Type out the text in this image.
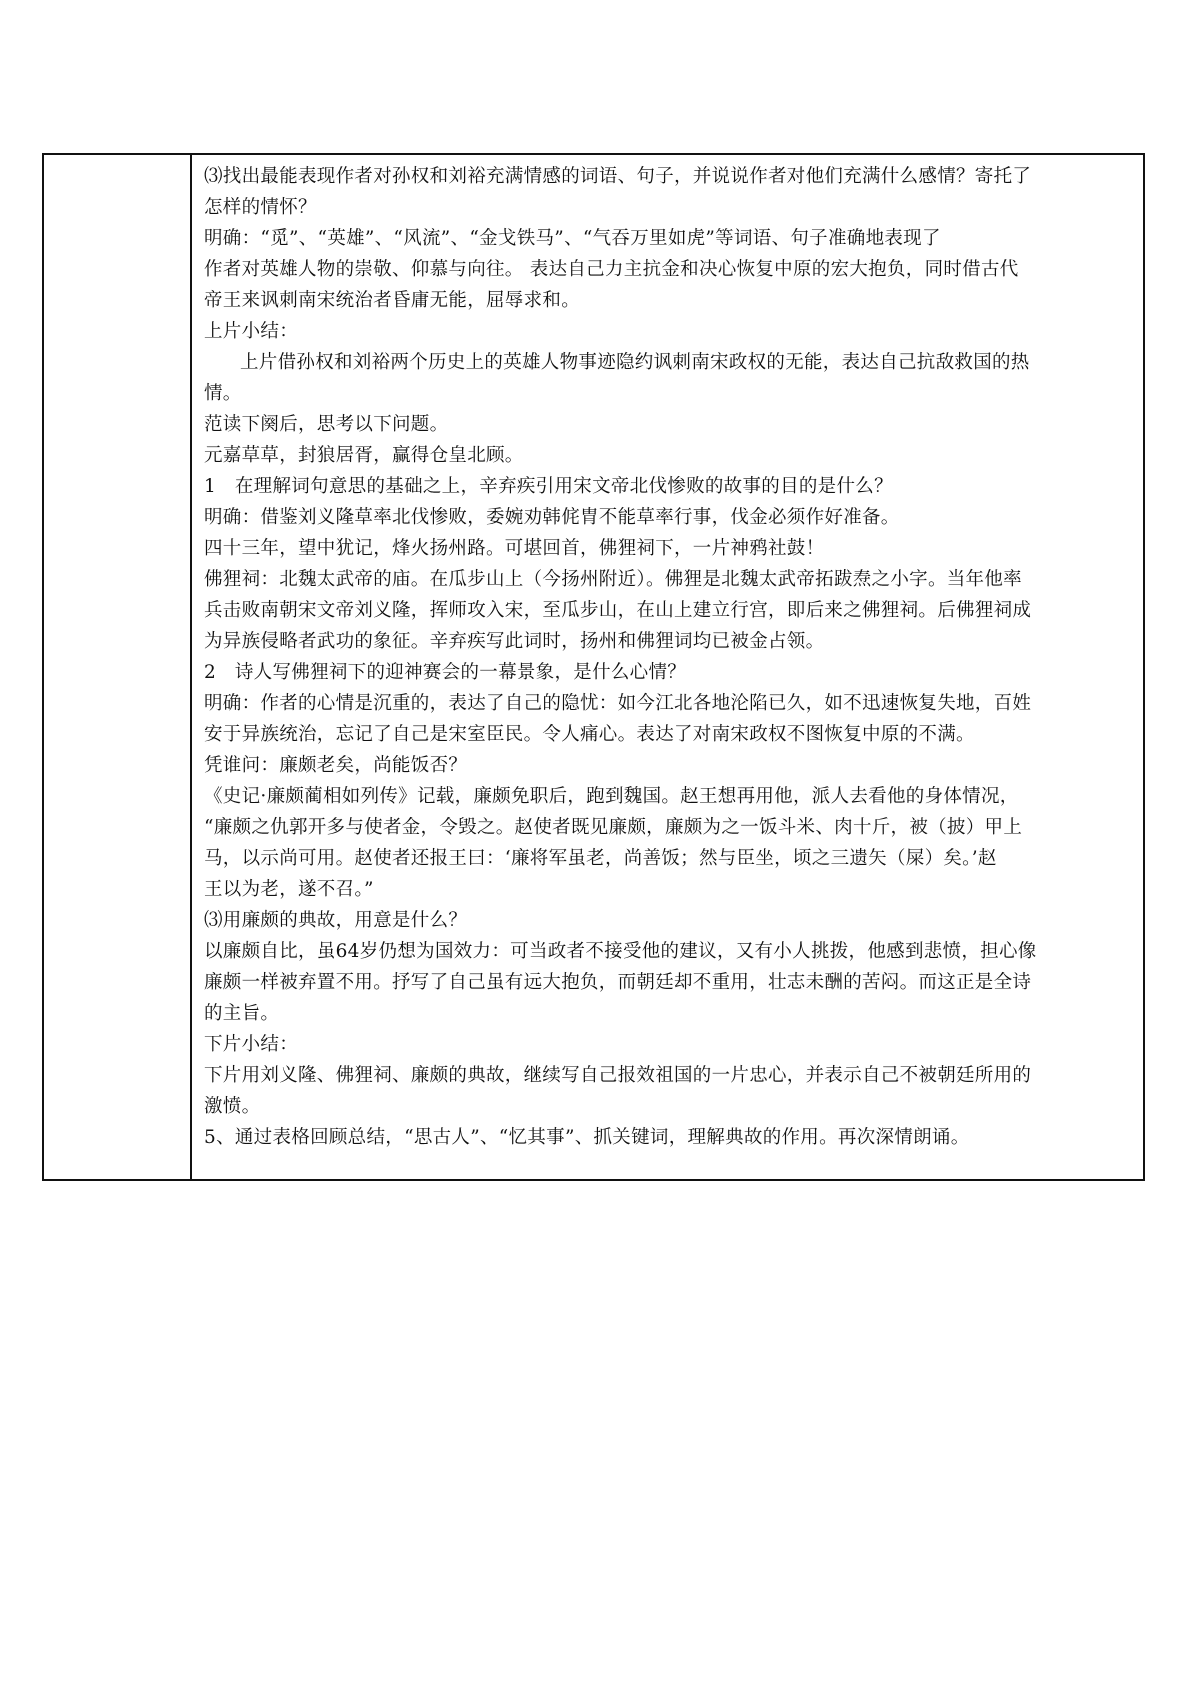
⑶找出最能表现作者对孙权和刘裕充满情感的词语、句子，并说说作者对他们充满什么感情？寄托了
怎样的情怀？
明确：“觅”、“英雄”、“风流”、“金戈铁马”、“气吞万里如虎”等词语、句子准确地表现了
作者对英雄人物的崇敬、仰慕与向往。 表达自己力主抗金和决心恢复中原的宏大抱负，同时借古代
帝王来讽刺南宋统治者昏庸无能，屈辱求和。
上片小结：
上片借孙权和刘裕两个历史上的英雄人物事迹隐约讽刺南宋政权的无能，表达自己抗敌救国的热
情。
范读下阕后，思考以下问题。
元嘉草草，封狼居胥，赢得仓皇北顾。
1　在理解词句意思的基础之上，辛弃疾引用宋文帝北伐惨败的故事的目的是什么？
明确：借鉴刘义隆草率北伐惨败，委婉劝韩侂胄不能草率行事，伐金必须作好准备。
四十三年，望中犹记，烽火扬州路。可堪回首，佛狸祠下，一片神鸦社鼓！
佛狸祠：北魏太武帝的庙。在瓜步山上（今扬州附近）。佛狸是北魏太武帝拓跋焘之小字。当年他率
兵击败南朝宋文帝刘义隆，挥师攻入宋，至瓜步山，在山上建立行宫，即后来之佛狸祠。后佛狸祠成
为异族侵略者武功的象征。辛弃疾写此词时，扬州和佛狸词均已被金占领。
2　诗人写佛狸祠下的迎神赛会的一幕景象，是什么心情？
明确：作者的心情是沉重的，表达了自己的隐忧：如今江北各地沦陷已久，如不迅速恢复失地，百姓
安于异族统治，忘记了自己是宋室臣民。令人痛心。表达了对南宋政权不图恢复中原的不满。
凭谁问：廉颇老矣，尚能饭否？
《史记·廉颇蔺相如列传》记载，廉颇免职后，跑到魏国。赵王想再用他，派人去看他的身体情况，
“廉颇之仇郭开多与使者金，令毁之。赵使者既见廉颇，廉颇为之一饭斗米、肉十斤，被（披）甲上
马，以示尚可用。赵使者还报王曰：‘廉将军虽老，尚善饭；然与臣坐，顷之三遗矢（屎）矣。’赵
王以为老，遂不召。”
⑶用廉颇的典故，用意是什么？
以廉颇自比，虽64岁仍想为国效力：可当政者不接受他的建议，又有小人挑拨，他感到悲愤，担心像
廉颇一样被弃置不用。抒写了自己虽有远大抱负，而朝廷却不重用，壮志未酬的苦闷。而这正是全诗
的主旨。
下片小结：
下片用刘义隆、佛狸祠、廉颇的典故，继续写自己报效祖国的一片忠心，并表示自己不被朝廷所用的
激愤。
5、通过表格回顾总结，“思古人”、“忆其事”、抓关键词，理解典故的作用。再次深情朗诵。
